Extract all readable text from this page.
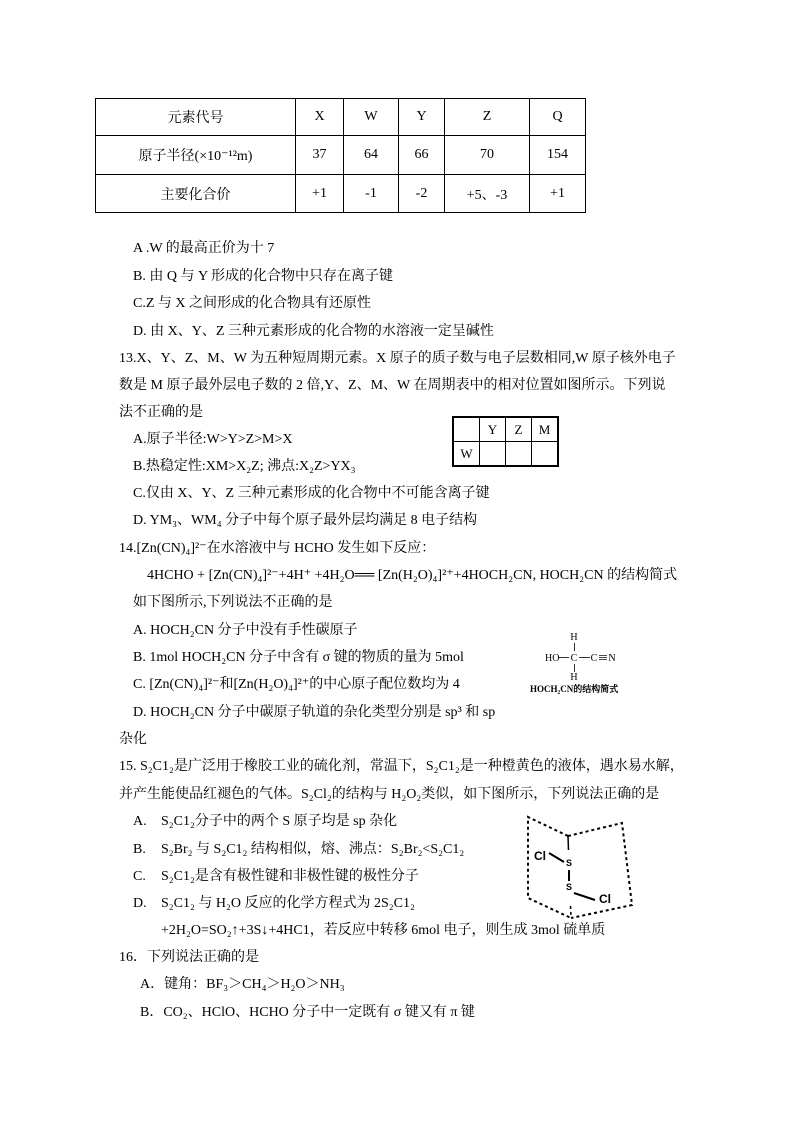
元素代号	X	W	Y	Z	Q
原子半径(×10⁻¹²m)	37	64	66	70	154
主要化合价	+1	-1	-2	+5、-3	+1
A .W 的最高正价为十 7
B. 由 Q 与 Y 形成的化合物中只存在离子键
C.Z 与 X 之间形成的化合物具有还原性
D. 由 X、Y、Z 三种元素形成的化合物的水溶液一定呈碱性
13.X、Y、Z、M、W 为五种短周期元素。X 原子的质子数与电子层数相同,W 原子核外电子
数是 M 原子最外层电子数的 2 倍,Y、Z、M、W 在周期表中的相对位置如图所示。下列说
法不正确的是
A.原子半径:W>Y>Z>M>X
B.热稳定性:XM>X₂Z; 沸点:X₂Z>YX₃
C.仅由 X、Y、Z 三种元素形成的化合物中不可能含离子键
D. YM₃、WM₄ 分子中每个原子最外层均满足 8 电子结构
	Y	Z	M
W			
14.[Zn(CN)₄]²⁻在水溶液中与 HCHO 发生如下反应：
4HCHO + [Zn(CN)₄]²⁻+4H⁺ +4H₂O══ [Zn(H₂O)₄]²⁺+4HOCH₂CN, HOCH₂CN 的结构简式
如下图所示,下列说法不正确的是
A. HOCH₂CN 分子中没有手性碳原子
B. 1mol HOCH₂CN 分子中含有 σ 键的物质的量为 5mol
C. [Zn(CN)₄]²⁻和[Zn(H₂O)₄]²⁺的中心原子配位数均为 4
D. HOCH₂CN 分子中碳原子轨道的杂化类型分别是 sp³ 和 sp
杂化
H
HO C C N
H
HOCH₂CN的结构简式
15. S₂C1₂是广泛用于橡胶工业的硫化剂，常温下，S₂C1₂是一种橙黄色的液体，遇水易水解，
并产生能使品红褪色的气体。S₂Cl₂的结构与 H₂O₂类似，如下图所示，下列说法正确的是
A. S₂C1₂分子中的两个 S 原子均是 sp 杂化
B. S₂Br₂ 与 S₂C1₂ 结构相似，熔、沸点：S₂Br₂<S₂C1₂
C. S₂C1₂是含有极性键和非极性键的极性分子
D. S₂C1₂ 与 H₂O 反应的化学方程式为 2S₂C1₂
+2H₂O=SO₂↑+3S↓+4HC1，若反应中转移 6mol 电子，则生成 3mol 硫单质
Cl S
S
Cl
16．下列说法正确的是
A．键角：BF₃＞CH₄＞H₂O＞NH₃
B．CO₂、HClO、HCHO 分子中一定既有 σ 键又有 π 键
